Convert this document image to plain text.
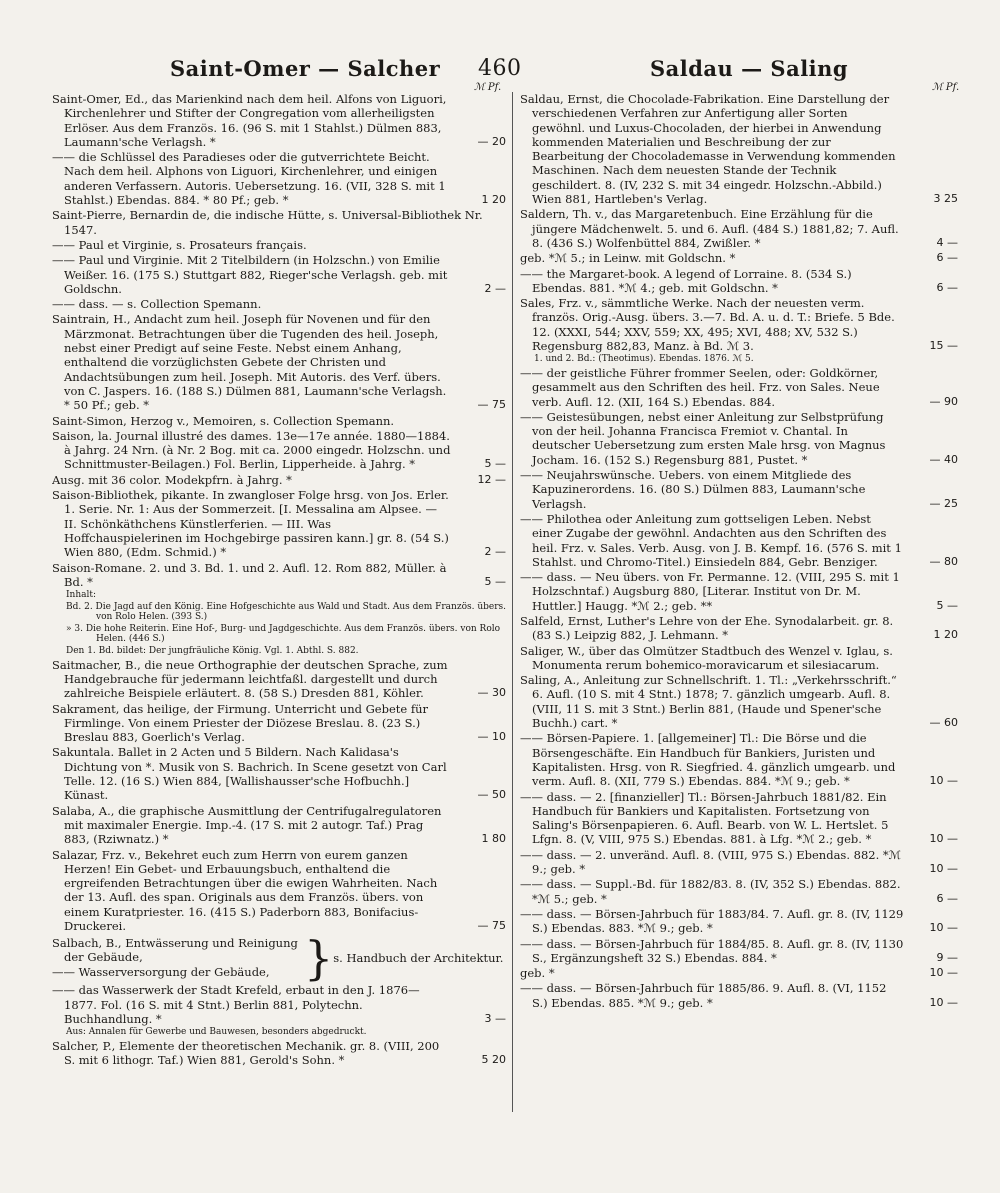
Saint-Omer — Salcher 460	Saldau — Saling
ℳ Pf.	ℳ Pf.
Saint-Omer, Ed., das Marienkind nach dem heil. Alfons von Liguori, Kirchenlehrer und Stifter der Congregation vom allerheiligsten Erlöser. Aus dem Französ. 16. (96 S. mit 1 Stahlst.) Dülmen 883, Laumann'sche Verlagsh. *	— 20
—— die Schlüssel des Paradieses oder die gutverrichtete Beicht. Nach dem heil. Alphons von Liguori, Kirchenlehrer, und einigen anderen Verfassern. Autoris. Uebersetzung. 16. (VII, 328 S. mit 1 Stahlst.) Ebendas. 884. * 80 Pf.; geb. *	1 20
Saint-Pierre, Bernardin de, die indische Hütte, s. Universal-Bibliothek Nr. 1547.
—— Paul et Virginie, s. Prosateurs français.
—— Paul und Virginie. Mit 2 Titelbildern (in Holzschn.) von Emilie Weißer. 16. (175 S.) Stuttgart 882, Rieger'sche Verlagsh. geb. mit Goldschn.	2 —
—— dass. — s. Collection Spemann.
Saintrain, H., Andacht zum heil. Joseph für Novenen und für den Märzmonat. Betrachtungen über die Tugenden des heil. Joseph, nebst einer Predigt auf seine Feste. Nebst einem Anhang, enthaltend die vorzüglichsten Gebete der Christen und Andachtsübungen zum heil. Joseph. Mit Autoris. des Verf. übers. von C. Jaspers. 16. (188 S.) Dülmen 881, Laumann'sche Verlagsh. * 50 Pf.; geb. *	— 75
Saint-Simon, Herzog v., Memoiren, s. Collection Spemann.
Saison, la. Journal illustré des dames. 13e—17e année. 1880—1884. à Jahrg. 24 Nrn. (à Nr. 2 Bog. mit ca. 2000 eingedr. Holzschn. und Schnittmuster-Beilagen.) Fol. Berlin, Lipperheide. à Jahrg. *	5 —
Ausg. mit 36 color. Modekpfrn. à Jahrg. *	12 —
Saison-Bibliothek, pikante. In zwangloser Folge hrsg. von Jos. Erler. 1. Serie. Nr. 1: Aus der Sommerzeit. [I. Messalina am Alpsee. — II. Schönkäthchens Künstlerferien. — III. Was Hoffchauspielerinen im Hochgebirge passiren kann.] gr. 8. (54 S.) Wien 880, (Edm. Schmid.) *	2 —
Saison-Romane. 2. und 3. Bd. 1. und 2. Aufl. 12. Rom 882, Müller. à Bd. *	5 —
Inhalt:
Bd. 2. Die Jagd auf den König. Eine Hofgeschichte aus Wald und Stadt. Aus dem Französ. übers. von Rolo Helen. (393 S.)
» 3. Die hohe Reiterin. Eine Hof-, Burg- und Jagdgeschichte. Aus dem Französ. übers. von Rolo Helen. (446 S.)
Den 1. Bd. bildet: Der jungfräuliche König. Vgl. 1. Abthl. S. 882.
Saitmacher, B., die neue Orthographie der deutschen Sprache, zum Handgebrauche für jedermann leichtfaßl. dargestellt und durch zahlreiche Beispiele erläutert. 8. (58 S.) Dresden 881, Köhler.	— 30
Sakrament, das heilige, der Firmung. Unterricht und Gebete für Firmlinge. Von einem Priester der Diözese Breslau. 8. (23 S.) Breslau 883, Goerlich's Verlag.	— 10
Sakuntala. Ballet in 2 Acten und 5 Bildern. Nach Kalidasa's Dichtung von *. Musik von S. Bachrich. In Scene gesetzt von Carl Telle. 12. (16 S.) Wien 884, [Wallishausser'sche Hofbuchh.] Künast.	— 50
Salaba, A., die graphische Ausmittlung der Centrifugalregulatoren mit maximaler Energie. Imp.-4. (17 S. mit 2 autogr. Taf.) Prag 883, (Rziwnatz.) *	1 80
Salazar, Frz. v., Bekehret euch zum Herrn von eurem ganzen Herzen! Ein Gebet- und Erbauungsbuch, enthaltend die ergreifenden Betrachtungen über die ewigen Wahrheiten. Nach der 13. Aufl. des span. Originals aus dem Französ. übers. von einem Kuratpriester. 16. (415 S.) Paderborn 883, Bonifacius-Druckerei.	— 75
Salbach, B., Entwässerung und Reinigung der Gebäude,
—— Wasserversorgung der Gebäude, } s. Handbuch der Architektur.
—— das Wasserwerk der Stadt Krefeld, erbaut in den J. 1876—1877. Fol. (16 S. mit 4 Stnt.) Berlin 881, Polytechn. Buchhandlung. *	3 —
Aus: Annalen für Gewerbe und Bauwesen, besonders abgedruckt.
Salcher, P., Elemente der theoretischen Mechanik. gr. 8. (VIII, 200 S. mit 6 lithogr. Taf.) Wien 881, Gerold's Sohn. *	5 20
Saldau, Ernst, die Chocolade-Fabrikation. Eine Darstellung der verschiedenen Verfahren zur Anfertigung aller Sorten gewöhnl. und Luxus-Chocoladen, der hierbei in Anwendung kommenden Materialien und Beschreibung der zur Bearbeitung der Chocolademasse in Verwendung kommenden Maschinen. Nach dem neuesten Stande der Technik geschildert. 8. (IV, 232 S. mit 34 eingedr. Holzschn.-Abbild.) Wien 881, Hartleben's Verlag.	3 25
Saldern, Th. v., das Margaretenbuch. Eine Erzählung für die jüngere Mädchenwelt. 5. und 6. Aufl. (484 S.) 1881,82; 7. Aufl. 8. (436 S.) Wolfenbüttel 884, Zwißler. *	4 —
geb. *ℳ 5.; in Leinw. mit Goldschn. *	6 —
—— the Margaret-book. A legend of Lorraine. 8. (534 S.) Ebendas. 881. *ℳ 4.; geb. mit Goldschn. *	6 —
Sales, Frz. v., sämmtliche Werke. Nach der neuesten verm. französ. Orig.-Ausg. übers. 3.—7. Bd. A. u. d. T.: Briefe. 5 Bde. 12. (XXXI, 544; XXV, 559; XX, 495; XVI, 488; XV, 532 S.) Regensburg 882,83, Manz. à Bd. ℳ 3.	15 —
1. und 2. Bd.: (Theotimus). Ebendas. 1876. ℳ 5.
—— der geistliche Führer frommer Seelen, oder: Goldkörner, gesammelt aus den Schriften des heil. Frz. von Sales. Neue verb. Aufl. 12. (XII, 164 S.) Ebendas. 884.	— 90
—— Geistesübungen, nebst einer Anleitung zur Selbstprüfung von der heil. Johanna Francisca Fremiot v. Chantal. In deutscher Uebersetzung zum ersten Male hrsg. von Magnus Jocham. 16. (152 S.) Regensburg 881, Pustet. *	— 40
—— Neujahrswünsche. Uebers. von einem Mitgliede des Kapuzinerordens. 16. (80 S.) Dülmen 883, Laumann'sche Verlagsh.	— 25
—— Philothea oder Anleitung zum gottseligen Leben. Nebst einer Zugabe der gewöhnl. Andachten aus den Schriften des heil. Frz. v. Sales. Verb. Ausg. von J. B. Kempf. 16. (576 S. mit 1 Stahlst. und Chromo-Titel.) Einsiedeln 884, Gebr. Benziger.	— 80
—— dass. — Neu übers. von Fr. Permanne. 12. (VIII, 295 S. mit 1 Holzschntaf.) Augsburg 880, [Literar. Institut von Dr. M. Huttler.] Haugg. *ℳ 2.; geb. **	5 —
Salfeld, Ernst, Luther's Lehre von der Ehe. Synodalarbeit. gr. 8. (83 S.) Leipzig 882, J. Lehmann. *	1 20
Saliger, W., über das Olmützer Stadtbuch des Wenzel v. Iglau, s. Monumenta rerum bohemico-moravicarum et silesiacarum.
Saling, A., Anleitung zur Schnellschrift. 1. Tl.: „Verkehrsschrift.“ 6. Aufl. (10 S. mit 4 Stnt.) 1878; 7. gänzlich umgearb. Aufl. 8. (VIII, 11 S. mit 3 Stnt.) Berlin 881, (Haude und Spener'sche Buchh.) cart. *	— 60
—— Börsen-Papiere. 1. [allgemeiner] Tl.: Die Börse und die Börsengeschäfte. Ein Handbuch für Bankiers, Juristen und Kapitalisten. Hrsg. von R. Siegfried. 4. gänzlich umgearb. und verm. Aufl. 8. (XII, 779 S.) Ebendas. 884. *ℳ 9.; geb. *	10 —
—— dass. — 2. [finanzieller] Tl.: Börsen-Jahrbuch 1881/82. Ein Handbuch für Bankiers und Kapitalisten. Fortsetzung von Saling's Börsenpapieren. 6. Aufl. Bearb. von W. L. Hertslet. 5 Lfgn. 8. (V, VIII, 975 S.) Ebendas. 881. à Lfg. *ℳ 2.; geb. *	10 —
—— dass. — 2. unveränd. Aufl. 8. (VIII, 975 S.) Ebendas. 882. *ℳ 9.; geb. *	10 —
—— dass. — Suppl.-Bd. für 1882/83. 8. (IV, 352 S.) Ebendas. 882. *ℳ 5.; geb. *	6 —
—— dass. — Börsen-Jahrbuch für 1883/84. 7. Aufl. gr. 8. (IV, 1129 S.) Ebendas. 883. *ℳ 9.; geb. *	10 —
—— dass. — Börsen-Jahrbuch für 1884/85. 8. Aufl. gr. 8. (IV, 1130 S., Ergänzungsheft 32 S.) Ebendas. 884. *	9 —
geb. *	10 —
—— dass. — Börsen-Jahrbuch für 1885/86. 9. Aufl. 8. (VI, 1152 S.) Ebendas. 885. *ℳ 9.; geb. *	10 —
